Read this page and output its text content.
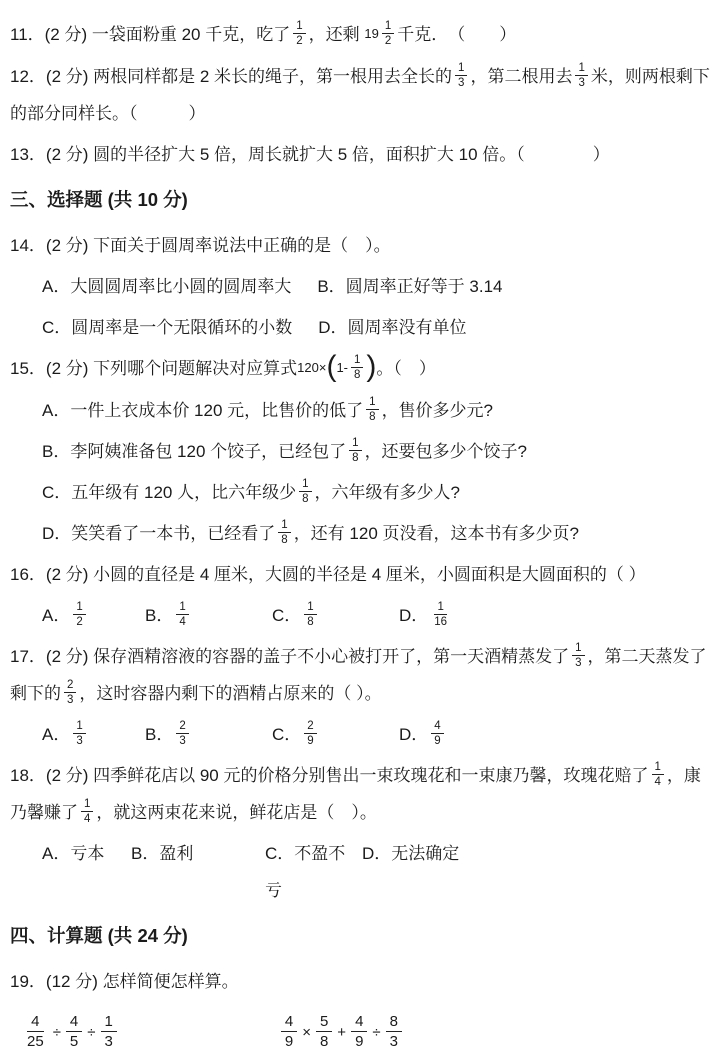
11．(2 分) 一袋面粉重 20 千克，吃了 $\frac{1}{2}$ ，还剩 $19 \frac{1}{2}$ 千克．　（　　）

12．(2 分) 两根同样都是 2 米长的绳子，第一根用去全长的 $\frac{1}{3}$ ，第二根用去 $\frac{1}{3}$ 米，则两根剩下的部分同样长。（　　　）

13．(2 分) 圆的半径扩大 5 倍，周长就扩大 5 倍，面积扩大 10 倍。（　　　　）

三、选择题 (共 10 分)

14．(2 分) 下面关于圆周率说法中正确的是（　）。

A．大圆圆周率比小圆的圆周率大 B．圆周率正好等于 3.14
C．圆周率是一个无限循环的小数 D．圆周率没有单位

15．(2 分) 下列哪个问题解决对应算式$120\times(1- \frac{1}{8}$ )。（　）

A．一件上衣成本价 120 元，比售价的低了 $\frac{1}{8}$ ，售价多少元?

B．李阿姨准备包 120 个饺子，已经包了 $\frac{1}{8}$ ，还要包多少个饺子?

C．五年级有 120 人，比六年级少 $\frac{1}{8}$ ，六年级有多少人?

D．笑笑看了一本书，已经看了 $\frac{1}{8}$ ，还有 120 页没看，这本书有多少页?

16．(2 分) 小圆的直径是 4 厘米，大圆的半径是 4 厘米，小圆面积是大圆面积的（ ）

A． $\frac{1}{2}$	B． $\frac{1}{4}$	C． $\frac{1}{8}$	D． $\frac{1}{16}$

17．(2 分) 保存酒精溶液的容器的盖子不小心被打开了，第一天酒精蒸发了 $\frac{1}{3}$ ，第二天蒸发了剩下的 $\frac{2}{3}$ ，这时容器内剩下的酒精占原来的（ ）。

A． $\frac{1}{3}$	B． $\frac{2}{3}$	C． $\frac{2}{9}$	D． $\frac{4}{9}$

18．(2 分) 四季鲜花店以 90 元的价格分别售出一束玫瑰花和一束康乃馨，玫瑰花赔了 $\frac{1}{4}$ ，康乃馨赚了 $\frac{1}{4}$ ，就这两束花来说，鲜花店是（　）。

A．亏本	B．盈利	C．不盈不亏
D．无法确定
四、计算题 (共 24 分)

19．(12 分) 怎样简便怎样算。

$\frac{4}{25} \div \frac{4}{5} \div \frac{1}{3}$	$\frac{4}{9} \times \frac{5}{8} + \frac{4}{9} \div \frac{8}{3}$
